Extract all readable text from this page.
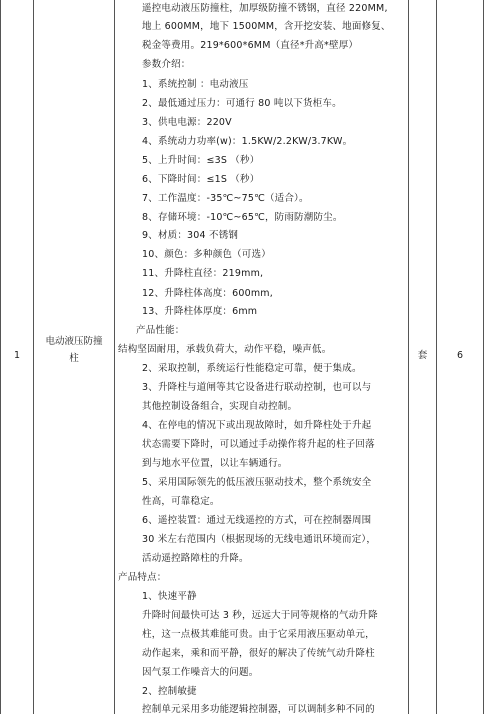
1
电动液压防撞
柱
遥控电动液压防撞柱，加厚级防撞不锈钢，直径 220MM,
地上 600MM，地下 1500MM，含开挖安装、地面修复、
税金等费用。219*600*6MM（直径*升高*壁厚）
参数介绍：
1、系统控制 ：电动液压
2、最低通过压力：可通行 80 吨以下货柜车。
3、供电电源：220V
4、系统动力功率(w)：1.5KW/2.2KW/3.7KW。
5、上升时间：≤3S （秒）
6、下降时间：≤1S （秒）
7、工作温度：-35℃~75℃（适合）。
8、存储环境：-10℃~65℃，防雨防潮防尘。
9、材质：304 不锈钢
10、颜色：多种颜色（可选）
11、升降柱直径：219mm,
12、升降柱体高度：600mm,
13、升降柱体厚度：6mm
产品性能：
结构坚固耐用，承载负荷大，动作平稳，噪声低。
2、采取控制，系统运行性能稳定可靠，便于集成。
3、升降柱与道闸等其它设备进行联动控制，也可以与
其他控制设备组合，实现自动控制。
4、在停电的情况下或出现故障时，如升降柱处于升起
状态需要下降时，可以通过手动操作将升起的柱子回落
到与地水平位置，以让车辆通行。
5、采用国际领先的低压液压驱动技术，整个系统安全
性高，可靠稳定。
6、遥控装置：通过无线遥控的方式，可在控制器周围
30 米左右范围内（根据现场的无线电通讯环境而定），
活动遥控路障柱的升降。
产品特点：
1、快速平静
升降时间最快可达 3 秒，远远大于同等规格的气动升降
柱，这一点极其难能可贵。由于它采用液压驱动单元，
动作起来，乘和而平静，很好的解决了传统气动升降柱
因气泵工作噪音大的问题。
2、控制敏捷
控制单元采用多功能逻辑控制器，可以调制多种不同的
套	6
